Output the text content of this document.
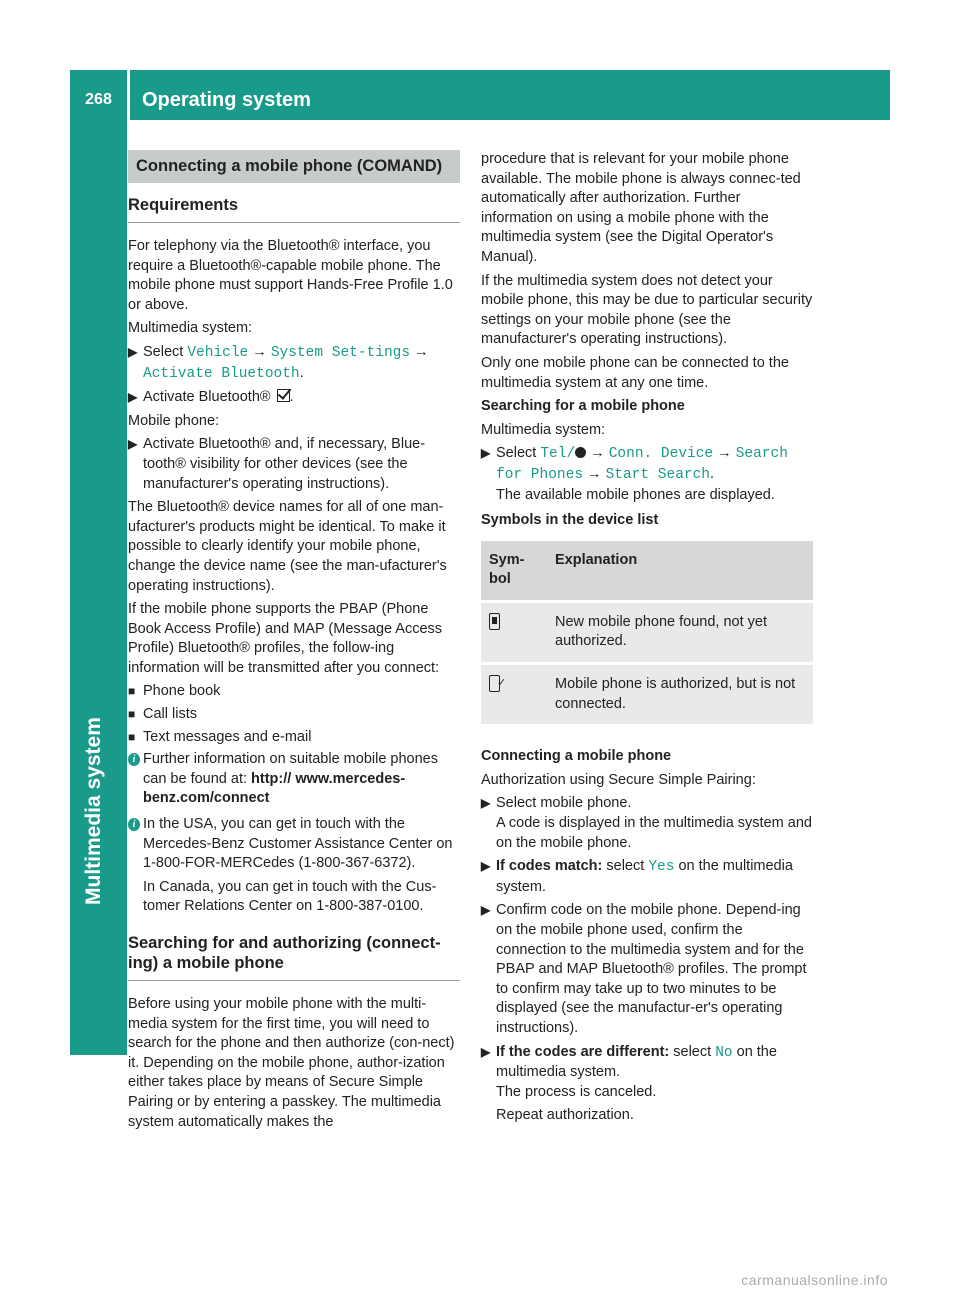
268	Operating system
Multimedia system
Connecting a mobile phone (COMAND)
Requirements

For telephony via the Bluetooth® interface, you require a Bluetooth®-capable mobile phone. The mobile phone must support Hands-Free Profile 1.0 or above.

Multimedia system:

▶ Select Vehicle → System Set-tings → Activate Bluetooth.
▶ Activate Bluetooth® .

Mobile phone:

▶ Activate Bluetooth® and, if necessary, Blue-tooth® visibility for other devices (see the manufacturer's operating instructions).

The Bluetooth® device names for all of one man-ufacturer's products might be identical. To make it possible to clearly identify your mobile phone, change the device name (see the man-ufacturer's operating instructions).

If the mobile phone supports the PBAP (Phone Book Access Profile) and MAP (Message Access Profile) Bluetooth® profiles, the follow-ing information will be transmitted after you connect:

■ Phone book
■ Call lists
■ Text messages and e-mail
i Further information on suitable mobile phones can be found at: http:// www.mercedes-benz.com/connect
i In the USA, you can get in touch with the Mercedes-Benz Customer Assistance Center on 1-800-FOR-MERCedes (1-800-367-6372).

In Canada, you can get in touch with the Cus-tomer Relations Center on 1-800-387-0100.

Searching for and authorizing (connect-ing) a mobile phone

Before using your mobile phone with the multi-media system for the first time, you will need to search for the phone and then authorize (con-nect) it. Depending on the mobile phone, author-ization either takes place by means of Secure Simple Pairing or by entering a passkey. The multimedia system automatically makes the

procedure that is relevant for your mobile phone available. The mobile phone is always connec-ted automatically after authorization. Further information on using a mobile phone with the multimedia system (see the Digital Operator's Manual).

If the multimedia system does not detect your mobile phone, this may be due to particular security settings on your mobile phone (see the manufacturer's operating instructions).

Only one mobile phone can be connected to the multimedia system at any one time.

Searching for a mobile phone

Multimedia system:

▶ Select Tel/ → Conn. Device → Search for Phones → Start Search.
The available mobile phones are displayed.

Symbols in the device list

Sym-bol	Explanation
	New mobile phone found, not yet authorized.
✓	Mobile phone is authorized, but is not connected.

Connecting a mobile phone

Authorization using Secure Simple Pairing:

▶ Select mobile phone.
A code is displayed in the multimedia system and on the mobile phone.
▶ If codes match: select Yes on the multimedia system.
▶ Confirm code on the mobile phone. Depend-ing on the mobile phone used, confirm the connection to the multimedia system and for the PBAP and MAP Bluetooth® profiles. The prompt to confirm may take up to two minutes to be displayed (see the manufactur-er's operating instructions).
▶ If the codes are different: select No on the multimedia system.
The process is canceled.

Repeat authorization.

carmanualsonline.info
